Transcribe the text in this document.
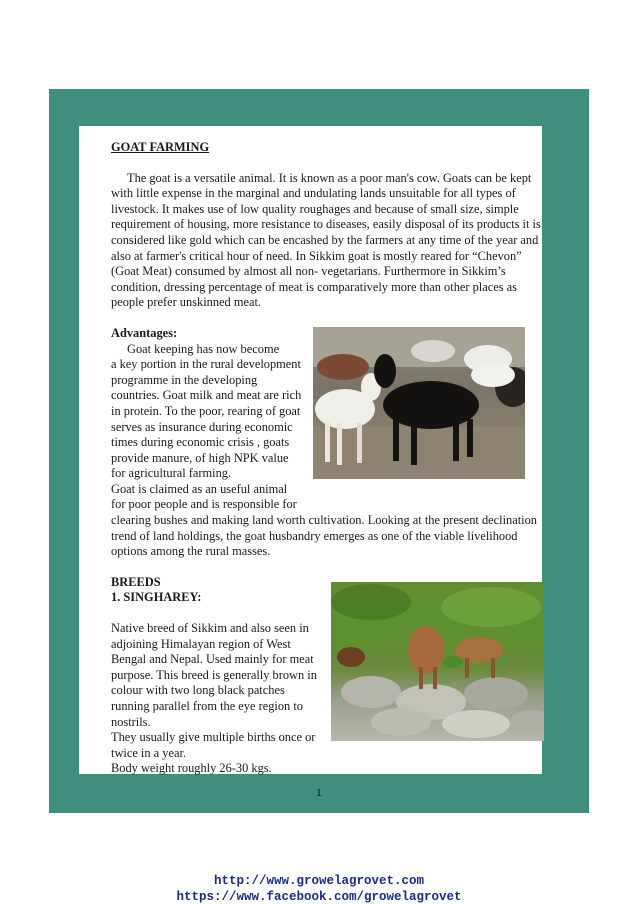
GOAT FARMING

The goat is a versatile animal. It is known as a poor man's cow. Goats can be kept with little expense in the marginal and undulating lands unsuitable for all types of livestock. It makes use of low quality roughages and because of small size, simple requirement of housing, more resistance to diseases, easily disposal of its products it is considered like gold which can be encashed by the farmers at any time of the year and also at farmer's critical hour of need. In Sikkim goat is mostly reared for “Chevon” (Goat Meat) consumed by almost all non- vegetarians. Furthermore in Sikkim’s condition, dressing percentage of meat is comparatively more than other places as people prefer unskinned meat.

Advantages:

Goat keeping has now become

a key portion in the rural development

programme in the developing

countries. Goat milk and meat are rich

in protein. To the poor, rearing of goat

serves as insurance during economic

times during economic crisis , goats

provide manure, of high NPK value

for agricultural farming.

Goat is claimed as an useful animal

for poor people and is responsible for

clearing bushes and making land worth cultivation. Looking at the present declination trend of land holdings, the goat husbandry emerges as one of the viable livelihood options among the rural masses.

BREEDS

1. SINGHAREY:

Native breed of Sikkim and also seen in

adjoining Himalayan region of West

Bengal and Nepal. Used mainly for meat

purpose. This breed is generally brown in

colour with two long black patches

running parallel from the eye region to

nostrils.

They usually give multiple births once or

twice in a year.

Body weight roughly 26-30 kgs.

1
http://www.growelagrovet.com
https://www.facebook.com/growelagrovet
